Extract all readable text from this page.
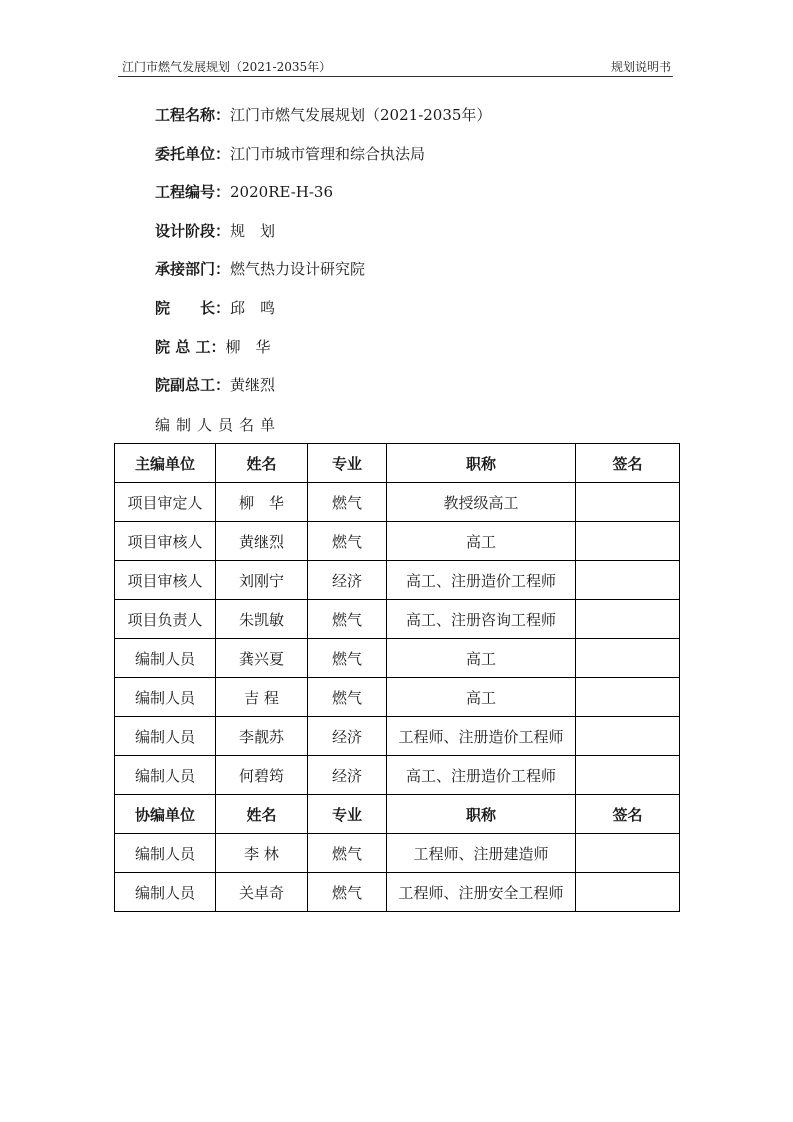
江门市燃气发展规划（2021-2035年）	规划说明书
工程名称：江门市燃气发展规划（2021-2035年）
委托单位：江门市城市管理和综合执法局
工程编号：2020RE-H-36
设计阶段：规　划
承接部门：燃气热力设计研究院
院　　长：邱　鸣
院 总 工：柳　华
院副总工：黄继烈
编制人员名单
主编单位	姓名	专业	职称	签名
项目审定人	柳　华	燃气	教授级高工	
项目审核人	黄继烈	燃气	高工	
项目审核人	刘刚宁	经济	高工、注册造价工程师	
项目负责人	朱凯敏	燃气	高工、注册咨询工程师	
编制人员	龚兴夏	燃气	高工	
编制人员	吉 程	燃气	高工	
编制人员	李靓苏	经济	工程师、注册造价工程师	
编制人员	何碧筠	经济	高工、注册造价工程师	
协编单位	姓名	专业	职称	签名
编制人员	李 林	燃气	工程师、注册建造师	
编制人员	关卓奇	燃气	工程师、注册安全工程师	
